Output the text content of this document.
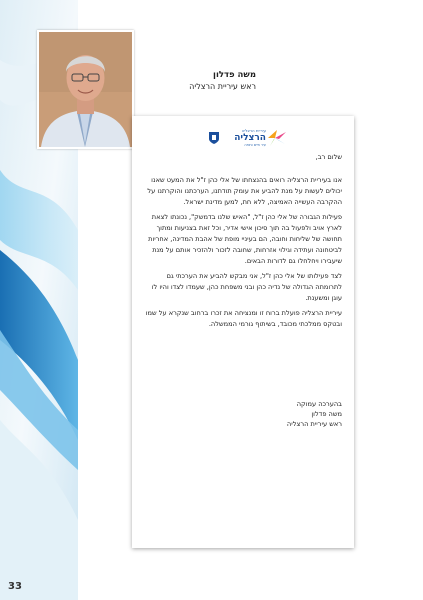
33
משה פדלון
ראש עיריית הרצליה
עיריית הרצליה
הרצליה
עיר חיים וחוויה

שלום רב,

אנו בעיריית הרצליה רואים בהנצחתו של אלי כהן ז"ל את המעט שאנו יכולים לעשות על מנת להביע את עומק תודתנו, הערכתנו והוקרתנו על ההקרבה העשייה האמיצה, ללא חת, למען מדינת ישראל.

פעילות הגבורה של אלי כהן ז"ל, "האיש שלנו בדמשק", נכונתו לצאת לארץ אויב ולפעול בה תוך סיכון אישי אדיר, וכל זאת בצניעות ומתוך תחושה של שליחות וחובה, הם בעיניי מופת של אהבת המדינה, אחריות לביטחונה ועתידה וגילוי אזרחות, שחובה לזכור ולהזכיר אותם על מנת שיעבירו ויחלחלו גם לדורות הבאים.

לצד פעילותו של אלי כהן ז"ל, אני מבקש להביע את הערכתי גם לתרומתה הגדולה של נדיה כהן ובני משפחת כהן, שעמדו לצדו והיו לו עוגן ומשענת.

עיריית הרצליה פועלת ברוח זו ומנציחה את זכרו ברחוב שנקרא על שמו ובטקס ממלכתי מכובד, בשיתוף גורמי הממשלה.

בהערכה עמוקה
משה פדלון
ראש עיריית הרצליה
